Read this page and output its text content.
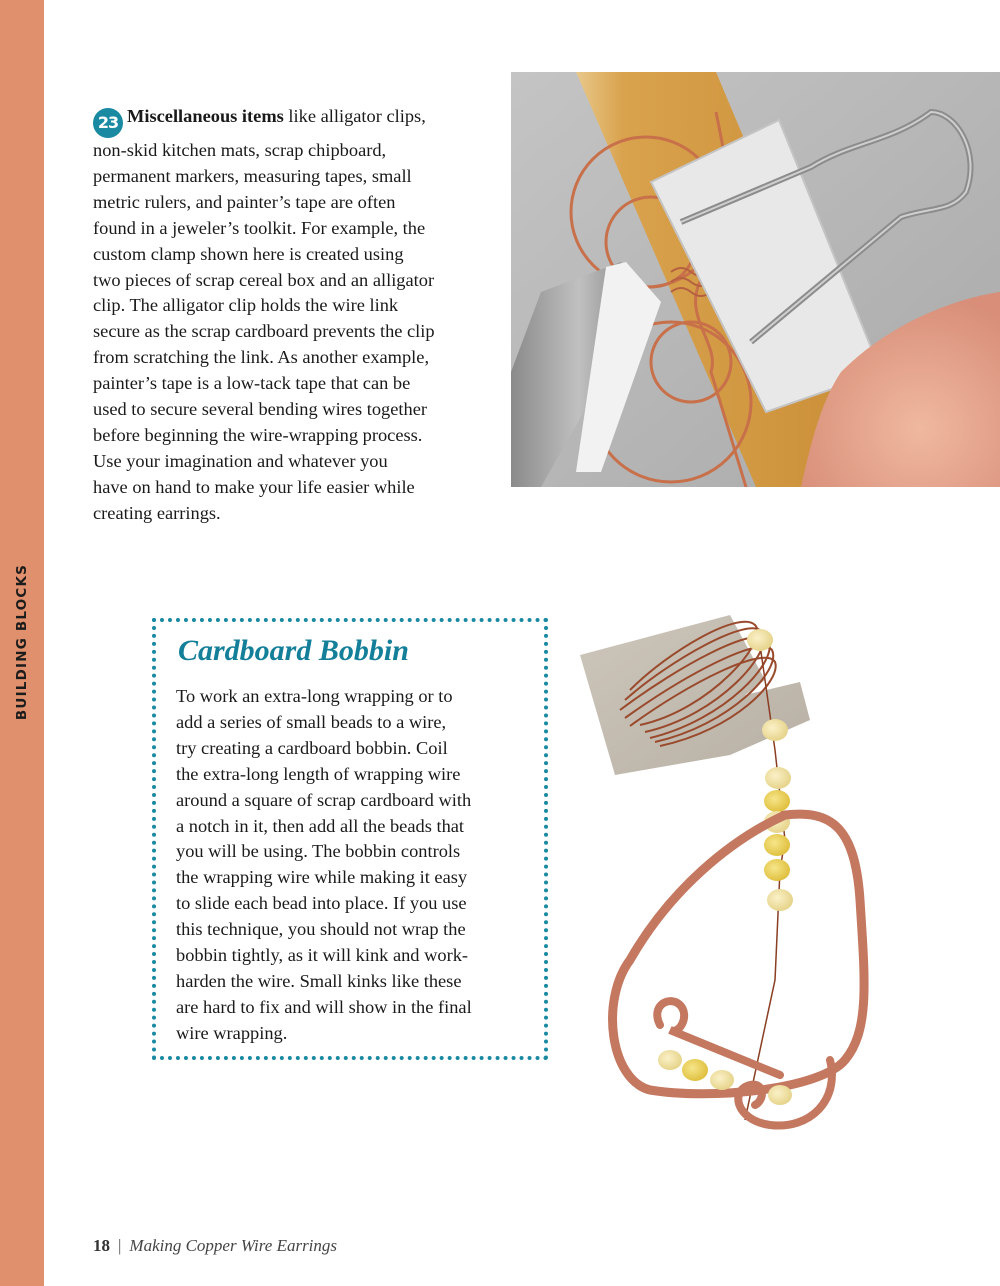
BUILDING BLOCKS
23 Miscellaneous items like alligator clips,
non-skid kitchen mats, scrap chipboard,
permanent markers, measuring tapes, small
metric rulers, and painter’s tape are often
found in a jeweler’s toolkit. For example, the
custom clamp shown here is created using
two pieces of scrap cereal box and an alligator
clip. The alligator clip holds the wire link
secure as the scrap cardboard prevents the clip
from scratching the link. As another example,
painter’s tape is a low-tack tape that can be
used to secure several bending wires together
before beginning the wire-wrapping process.
Use your imagination and whatever you
have on hand to make your life easier while
creating earrings.
Cardboard Bobbin
To work an extra-long wrapping or to
add a series of small beads to a wire,
try creating a cardboard bobbin. Coil
the extra-long length of wrapping wire
around a square of scrap cardboard with
a notch in it, then add all the beads that
you will be using. The bobbin controls
the wrapping wire while making it easy
to slide each bead into place. If you use
this technique, you should not wrap the
bobbin tightly, as it will kink and work-
harden the wire. Small kinks like these
are hard to fix and will show in the final
wire wrapping.
18 | Making Copper Wire Earrings
